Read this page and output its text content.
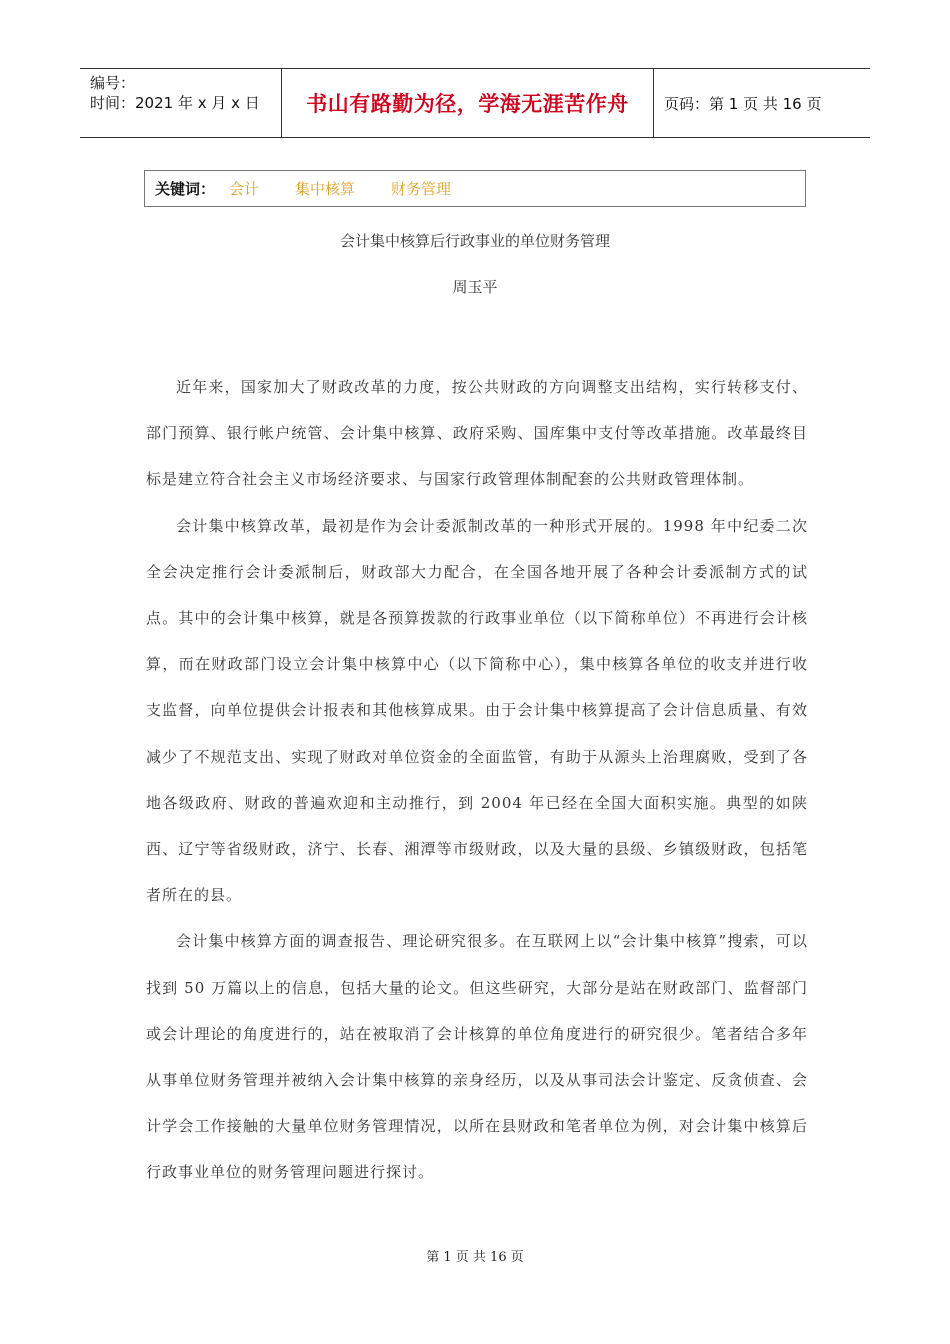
编号：
时间：2021 年 x 月 x 日	书山有路勤为径，学海无涯苦作舟	页码：第 1 页 共 16 页
关键词： 会计 集中核算 财务管理
会计集中核算后行政事业的单位财务管理
周玉平

近年来，国家加大了财政改革的力度，按公共财政的方向调整支出结构，实行转移支付、部门预算、银行帐户统管、会计集中核算、政府采购、国库集中支付等改革措施。改革最终目标是建立符合社会主义市场经济要求、与国家行政管理体制配套的公共财政管理体制。

会计集中核算改革，最初是作为会计委派制改革的一种形式开展的。1998 年中纪委二次全会决定推行会计委派制后，财政部大力配合，在全国各地开展了各种会计委派制方式的试点。其中的会计集中核算，就是各预算拨款的行政事业单位（以下简称单位）不再进行会计核算，而在财政部门设立会计集中核算中心（以下简称中心），集中核算各单位的收支并进行收支监督，向单位提供会计报表和其他核算成果。由于会计集中核算提高了会计信息质量、有效减少了不规范支出、实现了财政对单位资金的全面监管，有助于从源头上治理腐败，受到了各地各级政府、财政的普遍欢迎和主动推行，到 2004 年已经在全国大面积实施。典型的如陕西、辽宁等省级财政，济宁、长春、湘潭等市级财政，以及大量的县级、乡镇级财政，包括笔者所在的县。

会计集中核算方面的调查报告、理论研究很多。在互联网上以“会计集中核算”搜索，可以找到 50 万篇以上的信息，包括大量的论文。但这些研究，大部分是站在财政部门、监督部门或会计理论的角度进行的，站在被取消了会计核算的单位角度进行的研究很少。笔者结合多年从事单位财务管理并被纳入会计集中核算的亲身经历，以及从事司法会计鉴定、反贪侦查、会计学会工作接触的大量单位财务管理情况，以所在县财政和笔者单位为例，对会计集中核算后行政事业单位的财务管理问题进行探讨。

第 1 页 共 16 页
